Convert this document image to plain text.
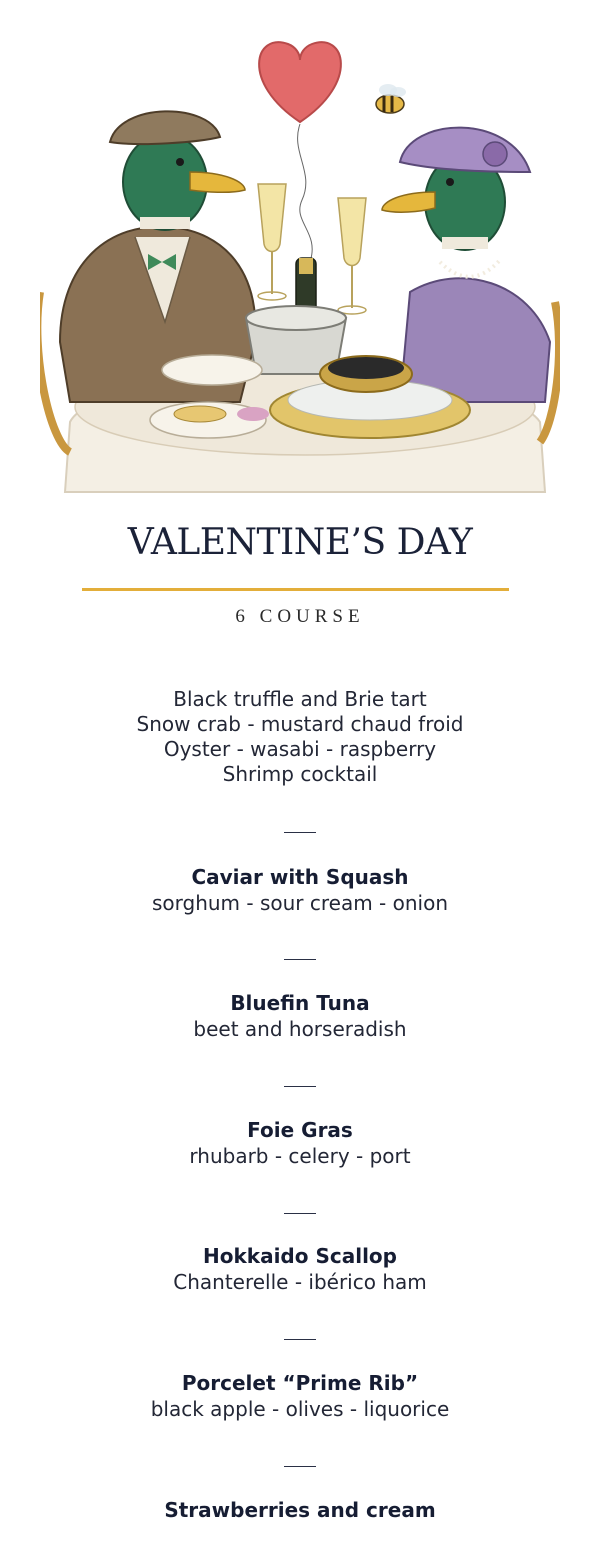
VALENTINE’S DAY
6 COURSE
Black truffle and Brie tart
Snow crab - mustard chaud froid
Oyster - wasabi - raspberry
Shrimp cocktail
Caviar with Squash
sorghum - sour cream - onion
Bluefin Tuna
beet and horseradish
Foie Gras
rhubarb - celery - port
Hokkaido Scallop
Chanterelle - ibérico ham
Porcelet “Prime Rib”
black apple - olives - liquorice
Strawberries and cream
